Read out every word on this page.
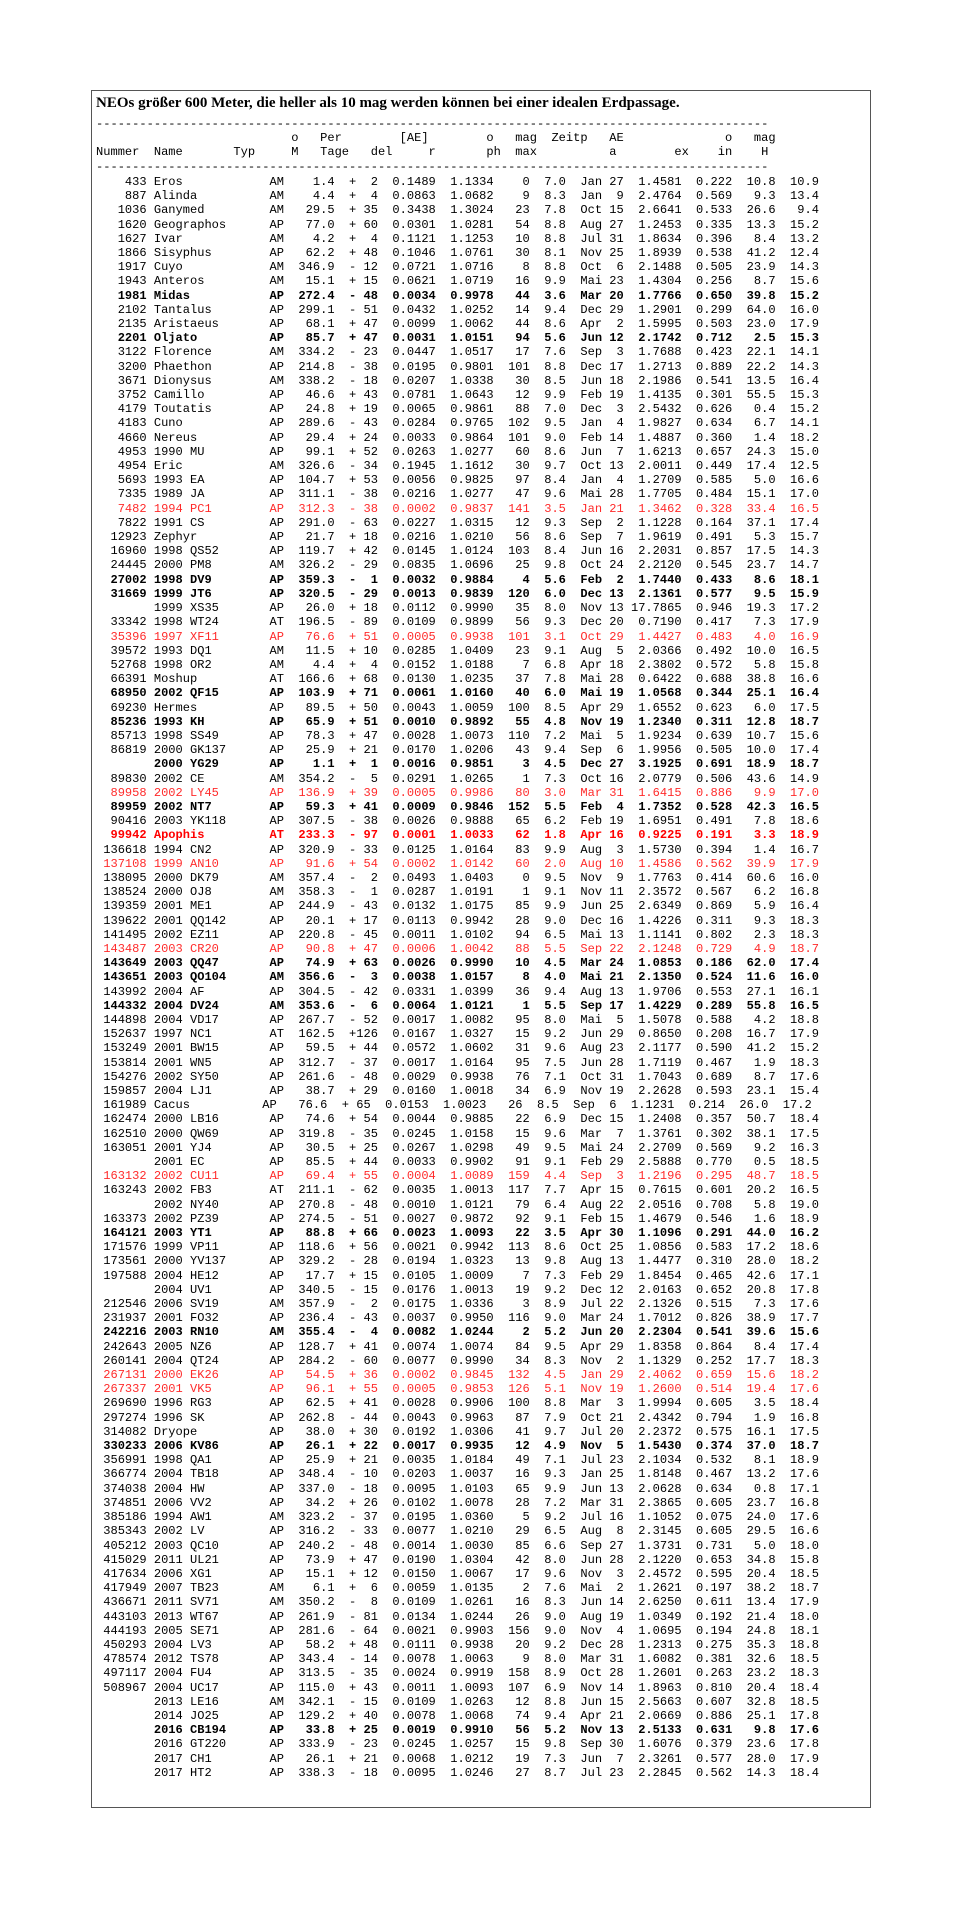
NEOs größer 600 Meter, die heller als 10 mag werden können bei einer idealen Erdpassage.
---------------------------------------------------------------------------------------------
o   Per        [AE]        o   mag  Zeitp   AE              o   mag
Nummer  Name       Typ     M   Tage   del     r       ph  max          a        ex    in    H
---------------------------------------------------------------------------------------------
433 Eros            AM    1.4  +  2  0.1489  1.1334    0  7.0  Jan 27  1.4581  0.222  10.8  10.9
887 Alinda          AM    4.4  +  4  0.0863  1.0682    9  8.3  Jan  9  2.4764  0.569   9.3  13.4
1036 Ganymed         AM   29.5  + 35  0.3438  1.3024   23  7.8  Oct 15  2.6641  0.533  26.6   9.4
1620 Geographos      AP   77.0  + 60  0.0301  1.0281   54  8.8  Aug 27  1.2453  0.335  13.3  15.2
1627 Ivar            AM    4.2  +  4  0.1121  1.1253   10  8.8  Jul 31  1.8634  0.396   8.4  13.2
1866 Sisyphus        AP   62.2  + 48  0.1046  1.0761   30  8.1  Nov 25  1.8939  0.538  41.2  12.4
1917 Cuyo            AM  346.9  - 12  0.0721  1.0716    8  8.8  Oct  6  2.1488  0.505  23.9  14.3
1943 Anteros         AM   15.1  + 15  0.0621  1.0719   16  9.9  Mai 23  1.4304  0.256   8.7  15.6
1981 Midas           AP  272.4  - 48  0.0034  0.9978   44  3.6  Mar 20  1.7766  0.650  39.8  15.2
2102 Tantalus        AP  299.1  - 51  0.0432  1.0252   14  9.4  Dec 29  1.2901  0.299  64.0  16.0
2135 Aristaeus       AP   68.1  + 47  0.0099  1.0062   44  8.6  Apr  2  1.5995  0.503  23.0  17.9
2201 Oljato          AP   85.7  + 47  0.0031  1.0151   94  5.6  Jun 12  2.1742  0.712   2.5  15.3
3122 Florence        AM  334.2  - 23  0.0447  1.0517   17  7.6  Sep  3  1.7688  0.423  22.1  14.1
3200 Phaethon        AP  214.8  - 38  0.0195  0.9801  101  8.8  Dec 17  1.2713  0.889  22.2  14.3
3671 Dionysus        AM  338.2  - 18  0.0207  1.0338   30  8.5  Jun 18  2.1986  0.541  13.5  16.4
3752 Camillo         AP   46.6  + 43  0.0781  1.0643   12  9.9  Feb 19  1.4135  0.301  55.5  15.3
4179 Toutatis        AP   24.8  + 19  0.0065  0.9861   88  7.0  Dec  3  2.5432  0.626   0.4  15.2
4183 Cuno            AP  289.6  - 43  0.0284  0.9765  102  9.5  Jan  4  1.9827  0.634   6.7  14.1
4660 Nereus          AP   29.4  + 24  0.0033  0.9864  101  9.0  Feb 14  1.4887  0.360   1.4  18.2
4953 1990 MU         AP   99.1  + 52  0.0263  1.0277   60  8.6  Jun  7  1.6213  0.657  24.3  15.0
4954 Eric            AM  326.6  - 34  0.1945  1.1612   30  9.7  Oct 13  2.0011  0.449  17.4  12.5
5693 1993 EA         AP  104.7  + 53  0.0056  0.9825   97  8.4  Jan  4  1.2709  0.585   5.0  16.6
7335 1989 JA         AP  311.1  - 38  0.0216  1.0277   47  9.6  Mai 28  1.7705  0.484  15.1  17.0
7482 1994 PC1        AP  312.3  - 38  0.0002  0.9837  141  3.5  Jan 21  1.3462  0.328  33.4  16.5
7822 1991 CS         AP  291.0  - 63  0.0227  1.0315   12  9.3  Sep  2  1.1228  0.164  37.1  17.4
12923 Zephyr          AP   21.7  + 18  0.0216  1.0210   56  8.6  Sep  7  1.9619  0.491   5.3  15.7
16960 1998 QS52       AP  119.7  + 42  0.0145  1.0124  103  8.4  Jun 16  2.2031  0.857  17.5  14.3
24445 2000 PM8        AM  326.2  - 29  0.0835  1.0696   25  9.8  Oct 24  2.2120  0.545  23.7  14.7
27002 1998 DV9        AP  359.3  -  1  0.0032  0.9884    4  5.6  Feb  2  1.7440  0.433   8.6  18.1
31669 1999 JT6        AP  320.5  - 29  0.0013  0.9839  120  6.0  Dec 13  2.1361  0.577   9.5  15.9
1999 XS35       AP   26.0  + 18  0.0112  0.9990   35  8.0  Nov 13 17.7865  0.946  19.3  17.2
33342 1998 WT24       AT  196.5  - 89  0.0109  0.9899   56  9.3  Dec 20  0.7190  0.417   7.3  17.9
35396 1997 XF11       AP   76.6  + 51  0.0005  0.9938  101  3.1  Oct 29  1.4427  0.483   4.0  16.9
39572 1993 DQ1        AM   11.5  + 10  0.0285  1.0409   23  9.1  Aug  5  2.0366  0.492  10.0  16.5
52768 1998 OR2        AM    4.4  +  4  0.0152  1.0188    7  6.8  Apr 18  2.3802  0.572   5.8  15.8
66391 Moshup          AT  166.6  + 68  0.0130  1.0235   37  7.8  Mai 28  0.6422  0.688  38.8  16.6
68950 2002 QF15       AP  103.9  + 71  0.0061  1.0160   40  6.0  Mai 19  1.0568  0.344  25.1  16.4
69230 Hermes          AP   89.5  + 50  0.0043  1.0059  100  8.5  Apr 29  1.6552  0.623   6.0  17.5
85236 1993 KH         AP   65.9  + 51  0.0010  0.9892   55  4.8  Nov 19  1.2340  0.311  12.8  18.7
85713 1998 SS49       AP   78.3  + 47  0.0028  1.0073  110  7.2  Mai  5  1.9234  0.639  10.7  15.6
86819 2000 GK137      AP   25.9  + 21  0.0170  1.0206   43  9.4  Sep  6  1.9956  0.505  10.0  17.4
2000 YG29       AP    1.1  +  1  0.0016  0.9851    3  4.5  Dec 27  3.1925  0.691  18.9  18.7
89830 2002 CE         AM  354.2  -  5  0.0291  1.0265    1  7.3  Oct 16  2.0779  0.506  43.6  14.9
89958 2002 LY45       AP  136.9  + 39  0.0005  0.9986   80  3.0  Mar 31  1.6415  0.886   9.9  17.0
89959 2002 NT7        AP   59.3  + 41  0.0009  0.9846  152  5.5  Feb  4  1.7352  0.528  42.3  16.5
90416 2003 YK118      AP  307.5  - 38  0.0026  0.9888   65  6.2  Feb 19  1.6951  0.491   7.8  18.6
99942 Apophis         AT  233.3  - 97  0.0001  1.0033   62  1.8  Apr 16  0.9225  0.191   3.3  18.9
136618 1994 CN2        AP  320.9  - 33  0.0125  1.0164   83  9.9  Aug  3  1.5730  0.394   1.4  16.7
137108 1999 AN10       AP   91.6  + 54  0.0002  1.0142   60  2.0  Aug 10  1.4586  0.562  39.9  17.9
138095 2000 DK79       AM  357.4  -  2  0.0493  1.0403    0  9.5  Nov  9  1.7763  0.414  60.6  16.0
138524 2000 OJ8        AM  358.3  -  1  0.0287  1.0191    1  9.1  Nov 11  2.3572  0.567   6.2  16.8
139359 2001 ME1        AP  244.9  - 43  0.0132  1.0175   85  9.9  Jun 25  2.6349  0.869   5.9  16.4
139622 2001 QQ142      AP   20.1  + 17  0.0113  0.9942   28  9.0  Dec 16  1.4226  0.311   9.3  18.3
141495 2002 EZ11       AP  220.8  - 45  0.0011  1.0102   94  6.5  Mai 13  1.1141  0.802   2.3  18.3
143487 2003 CR20       AP   90.8  + 47  0.0006  1.0042   88  5.5  Sep 22  2.1248  0.729   4.9  18.7
143649 2003 QQ47       AP   74.9  + 63  0.0026  0.9990   10  4.5  Mar 24  1.0853  0.186  62.0  17.4
143651 2003 QO104      AM  356.6  -  3  0.0038  1.0157    8  4.0  Mai 21  2.1350  0.524  11.6  16.0
143992 2004 AF         AP  304.5  - 42  0.0331  1.0399   36  9.4  Aug 13  1.9706  0.553  27.1  16.1
144332 2004 DV24       AM  353.6  -  6  0.0064  1.0121    1  5.5  Sep 17  1.4229  0.289  55.8  16.5
144898 2004 VD17       AP  267.7  - 52  0.0017  1.0082   95  8.0  Mai  5  1.5078  0.588   4.2  18.8
152637 1997 NC1        AT  162.5  +126  0.0167  1.0327   15  9.2  Jun 29  0.8650  0.208  16.7  17.9
153249 2001 BW15       AP   59.5  + 44  0.0572  1.0602   31  9.6  Aug 23  2.1177  0.590  41.2  15.2
153814 2001 WN5        AP  312.7  - 37  0.0017  1.0164   95  7.5  Jun 28  1.7119  0.467   1.9  18.3
154276 2002 SY50       AP  261.6  - 48  0.0029  0.9938   76  7.1  Oct 31  1.7043  0.689   8.7  17.6
159857 2004 LJ1        AP   38.7  + 29  0.0160  1.0018   34  6.9  Nov 19  2.2628  0.593  23.1  15.4
161989 Cacus          AP   76.6  + 65  0.0153  1.0023   26  8.5  Sep  6  1.1231  0.214  26.0  17.2
162474 2000 LB16       AP   74.6  + 54  0.0044  0.9885   22  6.9  Dec 15  1.2408  0.357  50.7  18.4
162510 2000 QW69       AP  319.8  - 35  0.0245  1.0158   15  9.6  Mar  7  1.3761  0.302  38.1  17.5
163051 2001 YJ4        AP   30.5  + 25  0.0267  1.0298   49  9.5  Mai 24  2.2709  0.569   9.2  16.3
2001 EC         AP   85.5  + 44  0.0033  0.9902   91  9.1  Feb 29  2.5888  0.770   0.5  18.5
163132 2002 CU11       AP   69.4  + 55  0.0004  1.0089  159  4.4  Sep  3  1.2196  0.295  48.7  18.5
163243 2002 FB3        AT  211.1  - 62  0.0035  1.0013  117  7.7  Apr 15  0.7615  0.601  20.2  16.5
2002 NY40       AP  270.8  - 48  0.0010  1.0121   79  6.4  Aug 22  2.0516  0.708   5.8  19.0
163373 2002 PZ39       AP  274.5  - 51  0.0027  0.9872   92  9.1  Feb 15  1.4679  0.546   1.6  18.9
164121 2003 YT1        AP   88.8  + 66  0.0023  1.0093   22  3.5  Apr 30  1.1096  0.291  44.0  16.2
171576 1999 VP11       AP  118.6  + 56  0.0021  0.9942  113  8.6  Oct 25  1.0856  0.583  17.2  18.6
173561 2000 YV137      AP  329.2  - 28  0.0194  1.0323   13  9.8  Aug 13  1.4477  0.310  28.0  18.2
197588 2004 HE12       AP   17.7  + 15  0.0105  1.0009    7  7.3  Feb 29  1.8454  0.465  42.6  17.1
2004 UV1        AP  340.5  - 15  0.0176  1.0013   19  9.2  Dec 12  2.0163  0.652  20.8  17.8
212546 2006 SV19       AM  357.9  -  2  0.0175  1.0336    3  8.9  Jul 22  2.1326  0.515   7.3  17.6
231937 2001 FO32       AP  236.4  - 43  0.0037  0.9950  116  9.0  Mar 24  1.7012  0.826  38.9  17.7
242216 2003 RN10       AM  355.4  -  4  0.0082  1.0244    2  5.2  Jun 20  2.2304  0.541  39.6  15.6
242643 2005 NZ6        AP  128.7  + 41  0.0074  1.0074   84  9.5  Apr 29  1.8358  0.864   8.4  17.4
260141 2004 QT24       AP  284.2  - 60  0.0077  0.9990   34  8.3  Nov  2  1.1329  0.252  17.7  18.3
267131 2000 EK26       AP   54.5  + 36  0.0002  0.9845  132  4.5  Jan 29  2.4062  0.659  15.6  18.2
267337 2001 VK5        AP   96.1  + 55  0.0005  0.9853  126  5.1  Nov 19  1.2600  0.514  19.4  17.6
269690 1996 RG3        AP   62.5  + 41  0.0028  0.9906  100  8.8  Mar  3  1.9994  0.605   3.5  18.4
297274 1996 SK         AP  262.8  - 44  0.0043  0.9963   87  7.9  Oct 21  2.4342  0.794   1.9  16.8
314082 Dryope          AP   38.0  + 30  0.0192  1.0306   41  9.7  Jul 20  2.2372  0.575  16.1  17.5
330233 2006 KV86       AP   26.1  + 22  0.0017  0.9935   12  4.9  Nov  5  1.5430  0.374  37.0  18.7
356991 1998 QA1        AP   25.9  + 21  0.0035  1.0184   49  7.1  Jul 23  2.1034  0.532   8.1  18.9
366774 2004 TB18       AP  348.4  - 10  0.0203  1.0037   16  9.3  Jan 25  1.8148  0.467  13.2  17.6
374038 2004 HW         AP  337.0  - 18  0.0095  1.0103   65  9.9  Jun 13  2.0628  0.634   0.8  17.1
374851 2006 VV2        AP   34.2  + 26  0.0102  1.0078   28  7.2  Mar 31  2.3865  0.605  23.7  16.8
385186 1994 AW1        AM  323.2  - 37  0.0195  1.0360    5  9.2  Jul 16  1.1052  0.075  24.0  17.6
385343 2002 LV         AP  316.2  - 33  0.0077  1.0210   29  6.5  Aug  8  2.3145  0.605  29.5  16.6
405212 2003 QC10       AP  240.2  - 48  0.0014  1.0030   85  6.6  Sep 27  1.3731  0.731   5.0  18.0
415029 2011 UL21       AP   73.9  + 47  0.0190  1.0304   42  8.0  Jun 28  2.1220  0.653  34.8  15.8
417634 2006 XG1        AP   15.1  + 12  0.0150  1.0067   17  9.6  Nov  3  2.4572  0.595  20.4  18.5
417949 2007 TB23       AM    6.1  +  6  0.0059  1.0135    2  7.6  Mai  2  1.2621  0.197  38.2  18.7
436671 2011 SV71       AM  350.2  -  8  0.0109  1.0261   16  8.3  Jun 14  2.6250  0.611  13.4  17.9
443103 2013 WT67       AP  261.9  - 81  0.0134  1.0244   26  9.0  Aug 19  1.0349  0.192  21.4  18.0
444193 2005 SE71       AP  281.6  - 64  0.0021  0.9903  156  9.0  Nov  4  1.0695  0.194  24.8  18.1
450293 2004 LV3        AP   58.2  + 48  0.0111  0.9938   20  9.2  Dec 28  1.2313  0.275  35.3  18.8
478574 2012 TS78       AP  343.4  - 14  0.0078  1.0063    9  8.0  Mar 31  1.6082  0.381  32.6  18.5
497117 2004 FU4        AP  313.5  - 35  0.0024  0.9919  158  8.9  Oct 28  1.2601  0.263  23.2  18.3
508967 2004 UC17       AP  115.0  + 43  0.0011  1.0093  107  6.9  Nov 14  1.8963  0.810  20.4  18.4
2013 LE16       AM  342.1  - 15  0.0109  1.0263   12  8.8  Jun 15  2.5663  0.607  32.8  18.5
2014 JO25       AP  129.2  + 40  0.0078  1.0068   74  9.4  Apr 21  2.0669  0.886  25.1  17.8
2016 CB194      AP   33.8  + 25  0.0019  0.9910   56  5.2  Nov 13  2.5133  0.631   9.8  17.6
2016 GT220      AP  333.9  - 23  0.0245  1.0257   15  9.8  Sep 30  1.6076  0.379  23.6  17.8
2017 CH1        AP   26.1  + 21  0.0068  1.0212   19  7.3  Jun  7  2.3261  0.577  28.0  17.9
2017 HT2        AP  338.3  - 18  0.0095  1.0246   27  8.7  Jul 23  2.2845  0.562  14.3  18.4
